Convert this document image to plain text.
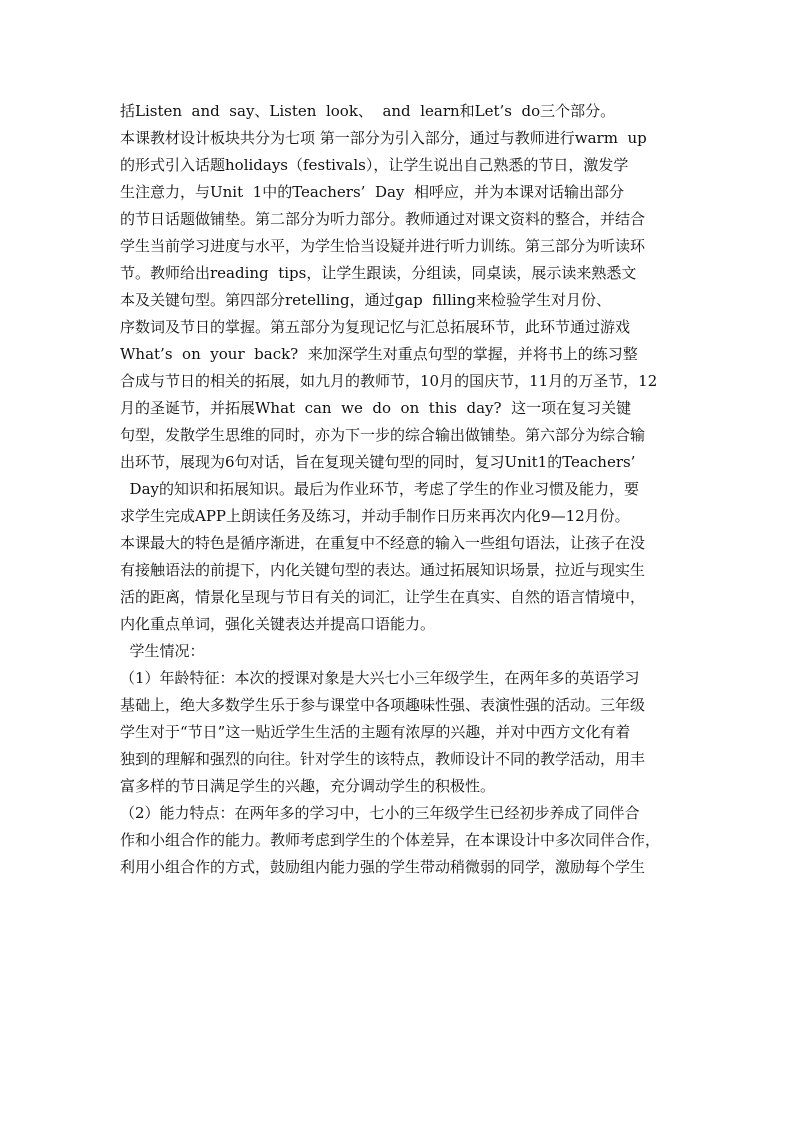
括Listen  and  say、Listen  look、  and  learn和Let’s  do三个部分。
本课教材设计板块共分为七项 第一部分为引入部分，通过与教师进行warm  up
的形式引入话题holidays（festivals），让学生说出自己熟悉的节日，激发学
生注意力，与Unit  1中的Teachers’  Day  相呼应，并为本课对话输出部分
的节日话题做铺垫。第二部分为听力部分。教师通过对课文资料的整合，并结合
学生当前学习进度与水平，为学生恰当设疑并进行听力训练。第三部分为听读环
节。教师给出reading  tips，让学生跟读，分组读，同桌读，展示读来熟悉文
本及关键句型。第四部分retelling，通过gap  filling来检验学生对月份、
序数词及节日的掌握。第五部分为复现记忆与汇总拓展环节，此环节通过游戏
What’s  on  your  back?  来加深学生对重点句型的掌握，并将书上的练习整
合成与节日的相关的拓展，如九月的教师节，10月的国庆节，11月的万圣节，12
月的圣诞节，并拓展What  can  we  do  on  this  day?  这一项在复习关键
句型，发散学生思维的同时，亦为下一步的综合输出做铺垫。第六部分为综合输
出环节，展现为6句对话，旨在复现关键句型的同时，复习Unit1的Teachers’
Day的知识和拓展知识。最后为作业环节，考虑了学生的作业习惯及能力，要
求学生完成APP上朗读任务及练习，并动手制作日历来再次内化9—12月份。
本课最大的特色是循序渐进，在重复中不经意的输入一些组句语法，让孩子在没
有接触语法的前提下，内化关键句型的表达。通过拓展知识场景，拉近与现实生
活的距离，情景化呈现与节日有关的词汇，让学生在真实、自然的语言情境中，
内化重点单词，强化关键表达并提高口语能力。
学生情况：
（1）年龄特征：本次的授课对象是大兴七小三年级学生，在两年多的英语学习
基础上，绝大多数学生乐于参与课堂中各项趣味性强、表演性强的活动。三年级
学生对于“节日”这一贴近学生生活的主题有浓厚的兴趣，并对中西方文化有着
独到的理解和强烈的向往。针对学生的该特点，教师设计不同的教学活动，用丰
富多样的节日满足学生的兴趣，充分调动学生的积极性。
（2）能力特点：在两年多的学习中，七小的三年级学生已经初步养成了同伴合
作和小组合作的能力。教师考虑到学生的个体差异，在本课设计中多次同伴合作，
利用小组合作的方式，鼓励组内能力强的学生带动稍微弱的同学，激励每个学生
